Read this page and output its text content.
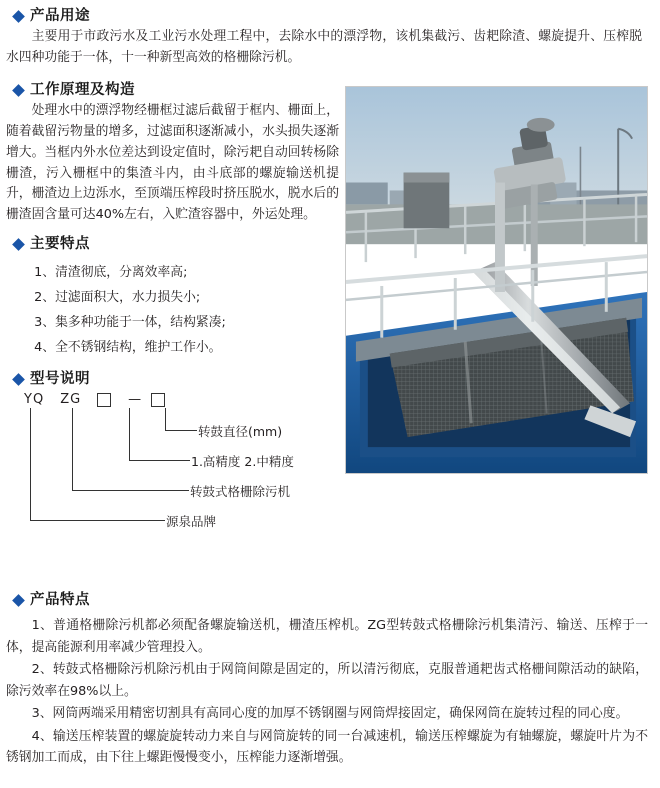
产品用途

主要用于市政污水及工业污水处理工程中，去除水中的漂浮物，该机集截污、齿耙除渣、螺旋提升、压榨脱水四种功能于一体，十一种新型高效的格栅除污机。

工作原理及构造

处理水中的漂浮物经栅框过滤后截留于框内、栅面上，随着截留污物量的增多，过滤面积逐渐减小，水头损失逐渐增大。当框内外水位差达到设定值时，除污耙自动回转杨除栅渣，污入栅框中的集渣斗内，由斗底部的螺旋输送机提升，栅渣边上边泺水，至顶端压榨段时挤压脱水，脱水后的栅渣固含量可达40%左右，入贮渣容器中，外运处理。

主要特点

1、清渣彻底，分离效率高;

2、过滤面积大，水力损失小;

3、集多种功能于一体，结构紧凑;

4、全不锈钢结构，维护工作小。

型号说明
YQ ZG	—
转鼓直径(mm)
1.高精度 2.中精度
转鼓式格栅除污机
源泉品牌
产品特点

1、普通格栅除污机都必须配备螺旋输送机，栅渣压榨机。ZG型转鼓式格栅除污机集清污、输送、压榨于一体，提高能源利用率减少管理投入。

2、转鼓式格栅除污机除污机由于网筒间隙是固定的，所以清污彻底，克服普通耙齿式格栅间隙活动的缺陷，除污效率在98%以上。

3、网筒两端采用精密切割具有高同心度的加厚不锈钢圈与网筒焊接固定，确保网筒在旋转过程的同心度。

4、输送压榨装置的螺旋旋转动力来自与网筒旋转的同一台减速机，输送压榨螺旋为有轴螺旋，螺旋叶片为不锈钢加工而成，由下往上螺距慢慢变小，压榨能力逐渐增强。
